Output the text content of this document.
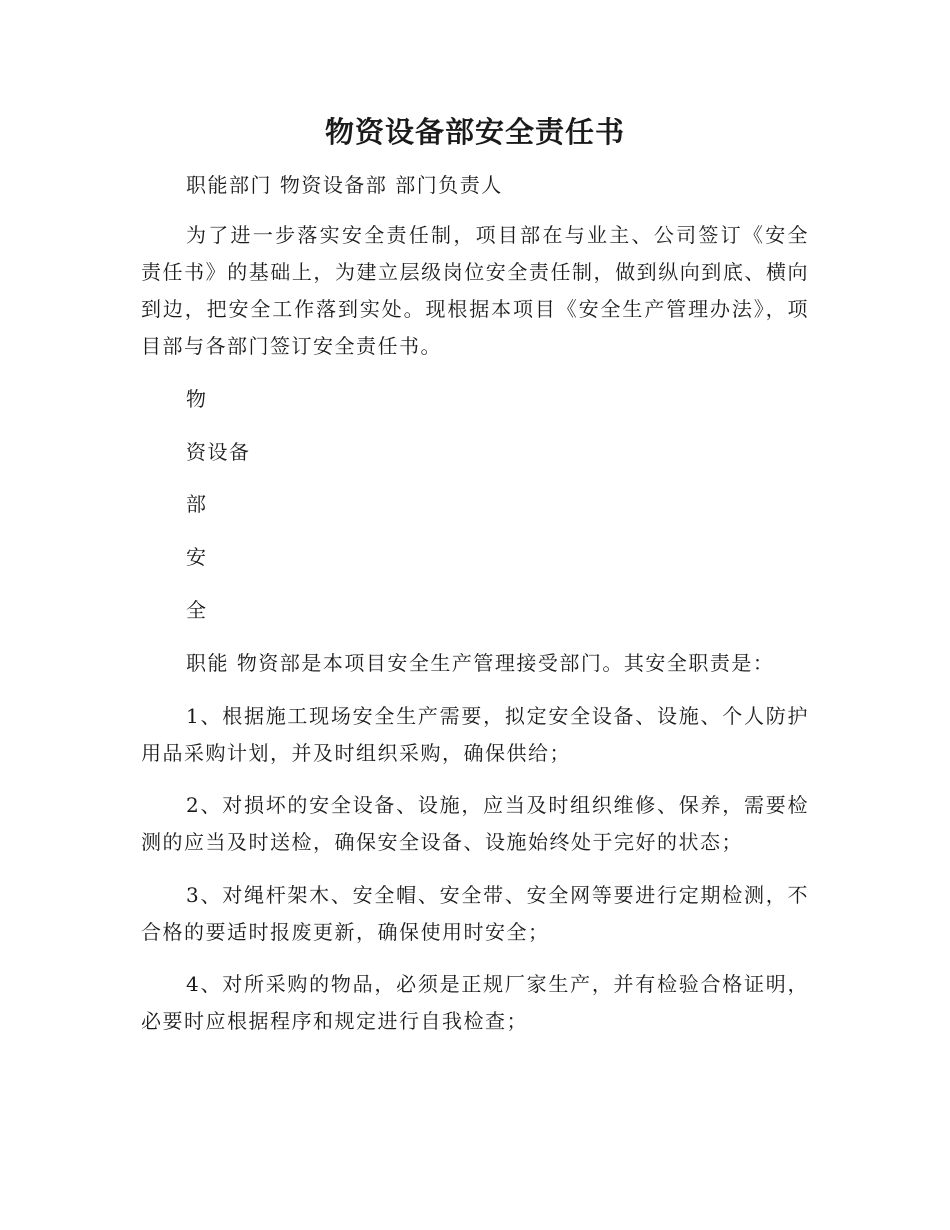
物资设备部安全责任书

职能部门 物资设备部 部门负责人

为了进一步落实安全责任制，项目部在与业主、公司签订《安全责任书》的基础上，为建立层级岗位安全责任制，做到纵向到底、横向到边，把安全工作落到实处。现根据本项目《安全生产管理办法》，项目部与各部门签订安全责任书。

物
资设备
部
安
全

职能 物资部是本项目安全生产管理接受部门。其安全职责是：

1、根据施工现场安全生产需要，拟定安全设备、设施、个人防护用品采购计划，并及时组织采购，确保供给；

2、对损坏的安全设备、设施，应当及时组织维修、保养，需要检测的应当及时送检，确保安全设备、设施始终处于完好的状态；

3、对绳杆架木、安全帽、安全带、安全网等要进行定期检测，不合格的要适时报废更新，确保使用时安全；

4、对所采购的物品，必须是正规厂家生产，并有检验合格证明，必要时应根据程序和规定进行自我检查；
